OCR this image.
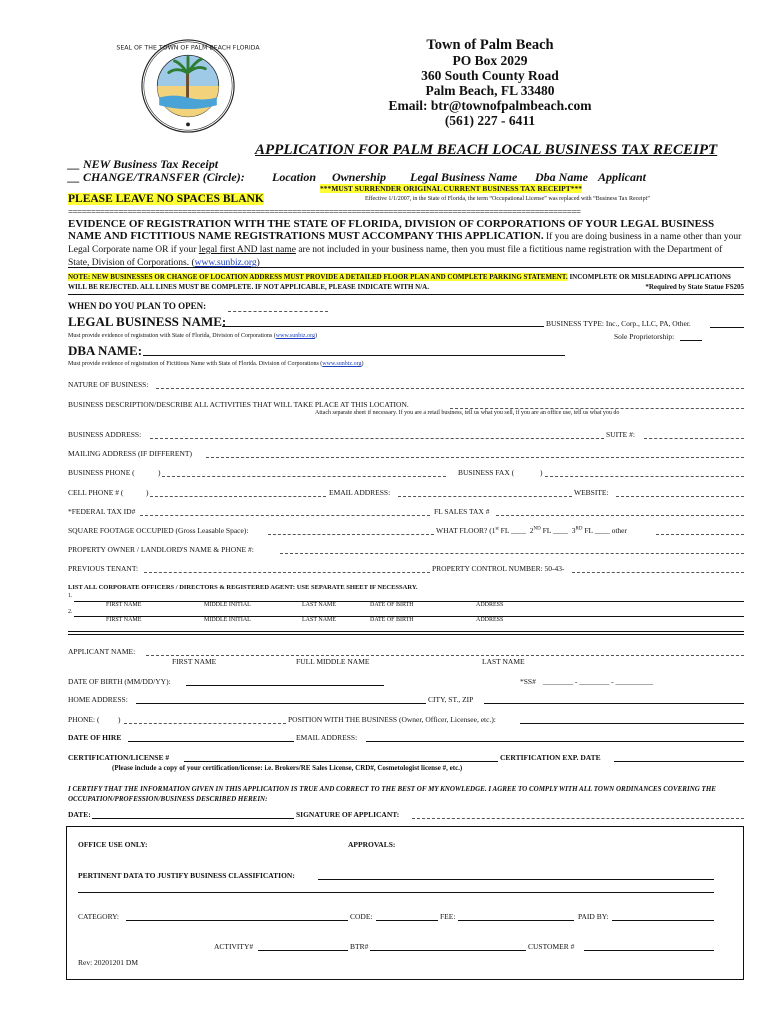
SEAL OF THE TOWN OF PALM BEACH FLORIDA	Town of Palm Beach
PO Box 2029
360 South County Road
Palm Beach, FL 33480
Email: btr@townofpalmbeach.com
(561) 227 - 6411
APPLICATION FOR PALM BEACH LOCAL BUSINESS TAX RECEIPT
__ NEW Business Tax Receipt
__ CHANGE/TRANSFER (Circle): Location Ownership Legal Business Name Dba Name Applicant
***MUST SURRENDER ORIGINAL CURRENT BUSINESS TAX RECEIPT***
PLEASE LEAVE NO SPACES BLANK	Effective 1/1/2007, in the State of Florida, the term “Occupational License” was replaced with “Business Tax Receipt”
================================================================================================================
EVIDENCE OF REGISTRATION WITH THE STATE OF FLORIDA, DIVISION OF CORPORATIONS OF YOUR LEGAL BUSINESS NAME AND FICTITIOUS NAME REGISTRATIONS MUST ACCOMPANY THIS APPLICATION. If you are doing business in a name other than your Legal Corporate name OR if your legal first AND last name are not included in your business name, then you must file a fictitious name registration with the Department of State, Division of Corporations. (www.sunbiz.org)
NOTE: NEW BUSINESSES OR CHANGE OF LOCATION ADDRESS MUST PROVIDE A DETAILED FLOOR PLAN AND COMPLETE PARKING STATEMENT. INCOMPLETE OR MISLEADING APPLICATIONS WILL BE REJECTED. ALL LINES MUST BE COMPLETE. IF NOT APPLICABLE, PLEASE INDICATE WITH N/A.	*Required by State Statue FS205
WHEN DO YOU PLAN TO OPEN:
LEGAL BUSINESS NAME:	BUSINESS TYPE: Inc., Corp., LLC, PA, Other.
Must provide evidence of registration with State of Florida, Division of Corporations (www.sunbiz.org)	Sole Proprietorship:
DBA NAME:
Must provide evidence of registration of Fictitious Name with State of Florida. Division of Corporations (www.sunbiz.org)
NATURE OF BUSINESS:
BUSINESS DESCRIPTION/DESCRIBE ALL ACTIVITIES THAT WILL TAKE PLACE AT THIS LOCATION.
Attach separate sheet if necessary. If you are a retail business, tell us what you sell, if you are an office use, tell us what you do
BUSINESS ADDRESS:	SUITE #:
MAILING ADDRESS (IF DIFFERENT)
BUSINESS PHONE (	)	BUSINESS FAX (	)
CELL PHONE # (	)	EMAIL ADDRESS:	WEBSITE:
*FEDERAL TAX ID#	FL SALES TAX #
SQUARE FOOTAGE OCCUPIED (Gross Leasable Space):	WHAT FLOOR? (1st FL ____  2ND FL ____  3RD FL ____ other
PROPERTY OWNER / LANDLORD'S NAME & PHONE #:
PREVIOUS TENANT:	PROPERTY CONTROL NUMBER: 50-43-
LIST ALL CORPORATE OFFICERS / DIRECTORS & REGISTERED AGENT: USE SEPARATE SHEET IF NECESSARY.
1.
FIRST NAME	MIDDLE INITIAL	LAST NAME	DATE OF BIRTH	ADDRESS
2.
FIRST NAME	MIDDLE INITIAL	LAST NAME	DATE OF BIRTH	ADDRESS
APPLICANT NAME:
FIRST NAME	FULL MIDDLE NAME	LAST NAME
DATE OF BIRTH (MM/DD/YY):	*SS# ________ - ________ - __________
HOME ADDRESS:	CITY, ST., ZIP
PHONE: ( )	POSITION WITH THE BUSINESS (Owner, Officer, Licensee, etc.):
DATE OF HIRE	EMAIL ADDRESS:
CERTIFICATION/LICENSE #	CERTIFICATION EXP. DATE
(Please include a copy of your certification/license: i.e. Brokers/RE Sales License, CRD#, Cosmetologist license #, etc.)
I CERTIFY THAT THE INFORMATION GIVEN IN THIS APPLICATION IS TRUE AND CORRECT TO THE BEST OF MY KNOWLEDGE. I AGREE TO COMPLY WITH ALL TOWN ORDINANCES COVERING THE OCCUPATION/PROFESSION/BUSINESS DESCRIBED HEREIN:
DATE:	SIGNATURE OF APPLICANT:
OFFICE USE ONLY:	APPROVALS:
PERTINENT DATA TO JUSTIFY BUSINESS CLASSIFICATION:
CATEGORY:	CODE:	FEE:	PAID BY:
ACTIVITY#	BTR#	CUSTOMER #
Rev: 20201201 DM
